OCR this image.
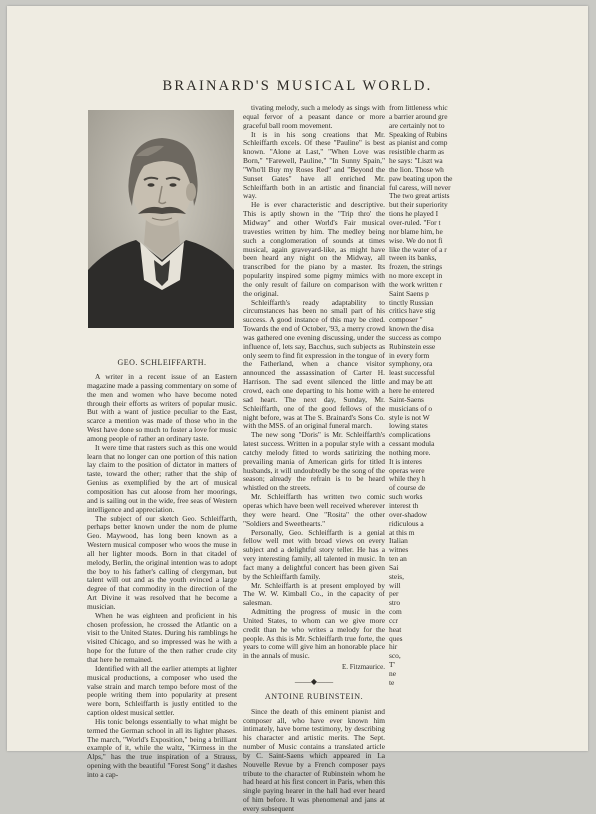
BRAINARD'S MUSICAL WORLD.
GEO. SCHLEIFFARTH.

A writer in a recent issue of an Eastern magazine made a passing commentary on some of the men and women who have become noted through their efforts as writers of popular music. But with a want of justice peculiar to the East, scarce a mention was made of those who in the West have done so much to foster a love for music among people of rather an ordinary taste.

It were time that rasters such as this one would learn that no longer can one portion of this nation lay claim to the position of dictator in matters of taste, toward the other; rather that the ship of Genius as exemplified by the art of musical composition has cut aloose from her moorings, and is sailing out in the wide, free seas of Western intelligence and appreciation.

The subject of our sketch Geo. Schleiffarth, perhaps better known under the nom de plume Geo. Maywood, has long been known as a Western musical composer who woos the muse in all her lighter moods. Born in that citadel of melody, Berlin, the original intention was to adopt the boy to his father's calling of clergyman, but talent will out and as the youth evinced a large degree of that commodity in the direction of the Art Divine it was resolved that he become a musician.

When he was eighteen and proficient in his chosen profession, he crossed the Atlantic on a visit to the United States. During his ramblings he visited Chicago, and so impressed was he with a hope for the future of the then rather crude city that here he remained.

Identified with all the earlier attempts at lighter musical productions, a composer who used the valse strain and march tempo before most of the people writing them into popularity at present were born, Schleiffarth is justly entitled to the caption oldest musical settler.

His tonic belongs essentially to what might be termed the German school in all its lighter phases. The march, "World's Exposition," being a brilliant example of it, while the waltz, "Kirmess in the Alps," has the true inspiration of a Strauss, opening with the beautiful "Forest Song" it dashes into a cap-

tivating melody, such a melody as sings with equal fervor of a peasant dance or more graceful ball room movement.

It is in his song creations that Mr. Schleiffarth excels. Of these "Pauline" is best known. "Alone at Last," "When Love was Born," "Farewell, Pauline," "In Sunny Spain," "Who'll Buy my Roses Red" and "Beyond the Sunset Gates" have all enriched Mr. Schleiffarth both in an artistic and financial way.

He is ever characteristic and descriptive. This is aptly shown in the "Trip thro' the Midway" and other World's Fair musical travesties written by him. The medley being such a conglomeration of sounds at times musical, again graveyard-like, as might have been heard any night on the Midway, all transcribed for the piano by a master. Its popularity inspired some pigmy mimics with the only result of failure on comparison with the original.

Schleiffarth's ready adaptability to circumstances has been no small part of his success. A good instance of this may be cited. Towards the end of October, '93, a merry crowd was gathered one evening discussing, under the influence of, lets say, Bacchus, such subjects as only seem to find fit expression in the tongue of the Fatherland, when a chance visitor announced the assassination of Carter H. Harrison. The sad event silenced the little crowd, each one departing to his home with a sad heart. The next day, Sunday, Mr. Schleiffarth, one of the good fellows of the night before, was at The S. Brainard's Sons Co. with the MSS. of an original funeral march.

The new song "Doris" is Mr. Schleiffarth's latest success. Written in a popular style with a catchy melody fitted to words satirizing the prevailing mania of American girls for titled husbands, it will undoubtedly be the song of the season; already the refrain is to be heard whistled on the streets.

Mr. Schleiffarth has written two comic operas which have been well received wherever they were heard. One "Rosita" the other "Soldiers and Sweethearts."

Personally, Geo. Schleiffarth is a genial fellow well met with broad views on every subject and a delightful story teller. He has a very interesting family, all talented in music. In fact many a delightful concert has been given by the Schleiffarth family.

Mr. Schleiffarth is at present employed by The W. W. Kimball Co., in the capacity of salesman.

Admitting the progress of music in the United States, to whom can we give more credit than he who writes a melody for the people. As this is Mr. Schleiffarth true forte, the years to come will give him an honorable place in the annals of music.

E. Fitzmaurice.

——◆——

ANTOINE RUBINSTEIN.

Since the death of this eminent pianist and composer all, who have ever known him intimately, have borne testimony, by describing his character and artistic merits. The Sept. number of Music contains a translated article by C. Saint-Saens which appeared in La Nouvelle Revue by a French composer pays tribute to the character of Rubinstein whom he had heard at his first concert in Paris, when this single paying hearer in the hall had ever heard of him before. It was phenomenal and jans at every subsequent

from littleness whic

a barrier around gre

are certainly not to

Speaking of Rubins

as pianist and comp

resistible charm as

he says: "Liszt wa

the lion. Those wh

paw beating upon the

ful caress, will never

The two great artists

but their superiority

tions he played I

over-ruled. "For t

nor blame him, he

wise. We do not fi

like the water of a r

tween its banks,

frozen, the strings

no more except in

the work written r

Saint Saens p

tinctly Russian

critics have stig

composer "

known the disa

success as compo

Rubinstein esse

in every form

symphony, ora

least successful

and may be att

here he entered

Saint-Saens

musicians of o

style is not W

lowing states

complications

cessant modula

nothing more.

It is interes

operas were

while they h

of course de

such works

interest th

over-shadow

ridiculous a

at this m

Italian

witnes

ten an

Sai

steis,

will

per

stro

com

ccr

heat

ques

hir

sco,

T'

ne

te
